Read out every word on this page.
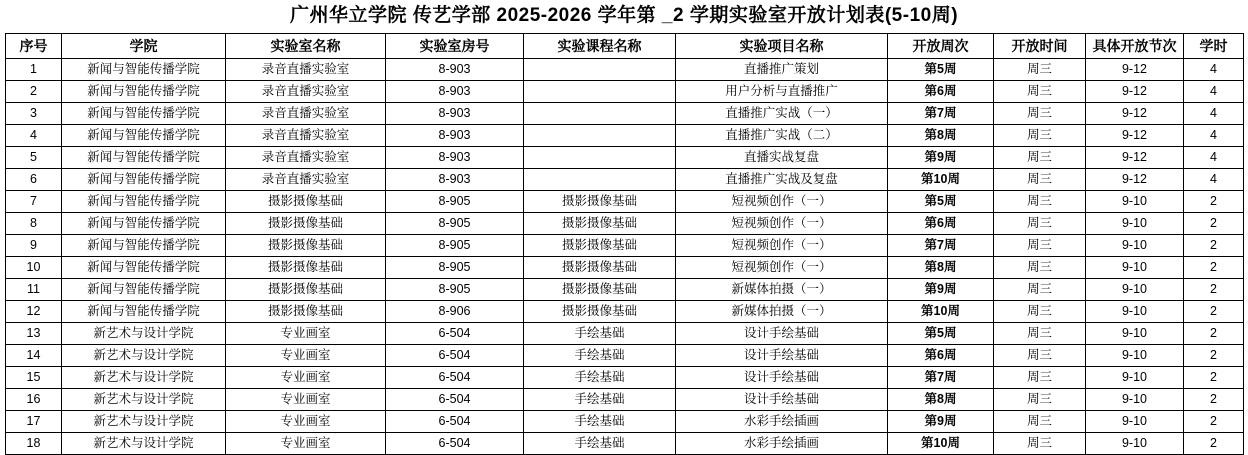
广州华立学院 传艺学部 2025-2026 学年第 _2 学期实验室开放计划表(5-10周)
序号	学院	实验室名称	实验室房号	实验课程名称	实验项目名称	开放周次	开放时间	具体开放节次	学时
1	新闻与智能传播学院	录音直播实验室	8-903		直播推广策划	第5周	周三	9-12	4
2	新闻与智能传播学院	录音直播实验室	8-903		用户分析与直播推广	第6周	周三	9-12	4
3	新闻与智能传播学院	录音直播实验室	8-903		直播推广实战（一）	第7周	周三	9-12	4
4	新闻与智能传播学院	录音直播实验室	8-903		直播推广实战（二）	第8周	周三	9-12	4
5	新闻与智能传播学院	录音直播实验室	8-903		直播实战复盘	第9周	周三	9-12	4
6	新闻与智能传播学院	录音直播实验室	8-903		直播推广实战及复盘	第10周	周三	9-12	4
7	新闻与智能传播学院	摄影摄像基础	8-905	摄影摄像基础	短视频创作（一）	第5周	周三	9-10	2
8	新闻与智能传播学院	摄影摄像基础	8-905	摄影摄像基础	短视频创作（一）	第6周	周三	9-10	2
9	新闻与智能传播学院	摄影摄像基础	8-905	摄影摄像基础	短视频创作（一）	第7周	周三	9-10	2
10	新闻与智能传播学院	摄影摄像基础	8-905	摄影摄像基础	短视频创作（一）	第8周	周三	9-10	2
11	新闻与智能传播学院	摄影摄像基础	8-905	摄影摄像基础	新媒体拍摄（一）	第9周	周三	9-10	2
12	新闻与智能传播学院	摄影摄像基础	8-906	摄影摄像基础	新媒体拍摄（一）	第10周	周三	9-10	2
13	新艺术与设计学院	专业画室	6-504	手绘基础	设计手绘基础	第5周	周三	9-10	2
14	新艺术与设计学院	专业画室	6-504	手绘基础	设计手绘基础	第6周	周三	9-10	2
15	新艺术与设计学院	专业画室	6-504	手绘基础	设计手绘基础	第7周	周三	9-10	2
16	新艺术与设计学院	专业画室	6-504	手绘基础	设计手绘基础	第8周	周三	9-10	2
17	新艺术与设计学院	专业画室	6-504	手绘基础	水彩手绘插画	第9周	周三	9-10	2
18	新艺术与设计学院	专业画室	6-504	手绘基础	水彩手绘插画	第10周	周三	9-10	2
